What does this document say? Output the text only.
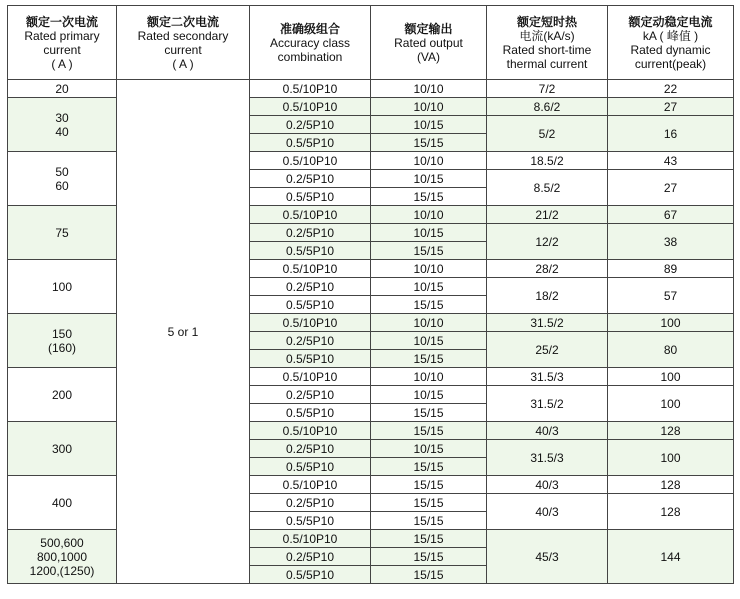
额定一次电流
Rated primary
current
( A )	额定二次电流
Rated secondary
current
( A )	准确级组合
Accuracy class
combination	额定输出
Rated output
(VA)	额定短时热
电流(kA/s)
Rated short-time
thermal current	额定动稳定电流
kA ( 峰值 )
Rated dynamic
current(peak)

20	5 or 1	0.5/10P10	10/10	7/2	22
30
40		0.5/10P10	10/10	8.6/2	27
		0.2/5P10	10/15	5/2	16
		0.5/5P10	15/15		
50
60		0.5/10P10	10/10	18.5/2	43
		0.2/5P10	10/15	8.5/2	27
		0.5/5P10	15/15		
75		0.5/10P10	10/10	21/2	67
		0.2/5P10	10/15	12/2	38
		0.5/5P10	15/15		
100		0.5/10P10	10/10	28/2	89
		0.2/5P10	10/15	18/2	57
		0.5/5P10	15/15		
150
(160)		0.5/10P10	10/10	31.5/2	100
		0.2/5P10	10/15	25/2	80
		0.5/5P10	15/15		
200		0.5/10P10	10/10	31.5/3	100
		0.2/5P10	10/15	31.5/2	100
		0.5/5P10	15/15		
300		0.5/10P10	15/15	40/3	128
		0.2/5P10	10/15	31.5/3	100
		0.5/5P10	15/15		
400		0.5/10P10	15/15	40/3	128
		0.2/5P10	15/15	40/3	128
		0.5/5P10	15/15		
500,600
800,1000
1200,(1250)		0.5/10P10	15/15	45/3	144
		0.2/5P10	15/15		
		0.5/5P10	15/15		
